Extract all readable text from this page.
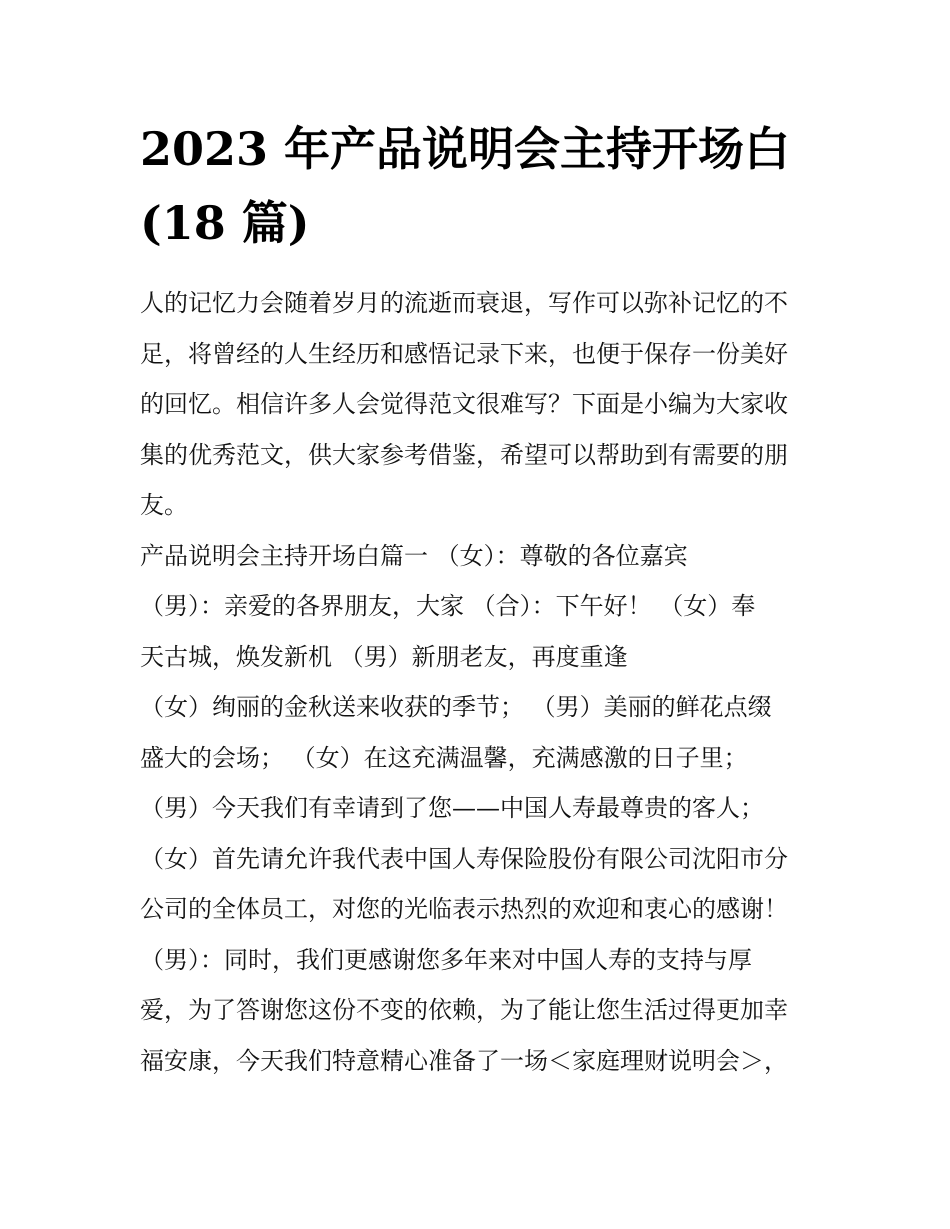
2023 年产品说明会主持开场白
(18 篇)

人的记忆力会随着岁月的流逝而衰退，写作可以弥补记忆的不
足，将曾经的人生经历和感悟记录下来，也便于保存一份美好
的回忆。相信许多人会觉得范文很难写？下面是小编为大家收
集的优秀范文，供大家参考借鉴，希望可以帮助到有需要的朋
友。

产品说明会主持开场白篇一 （女）：尊敬的各位嘉宾

（男）：亲爱的各界朋友，大家 （合）：下午好！ （女）奉
天古城，焕发新机 （男）新朋老友，再度重逢

（女）绚丽的金秋送来收获的季节； （男）美丽的鲜花点缀
盛大的会场； （女）在这充满温馨，充满感激的日子里；

（男）今天我们有幸请到了您——中国人寿最尊贵的客人；

（女）首先请允许我代表中国人寿保险股份有限公司沈阳市分
公司的全体员工，对您的光临表示热烈的欢迎和衷心的感谢！

（男）：同时，我们更感谢您多年来对中国人寿的支持与厚
爱，为了答谢您这份不变的依赖，为了能让您生活过得更加幸
福安康，今天我们特意精心准备了一场＜家庭理财说明会＞，
